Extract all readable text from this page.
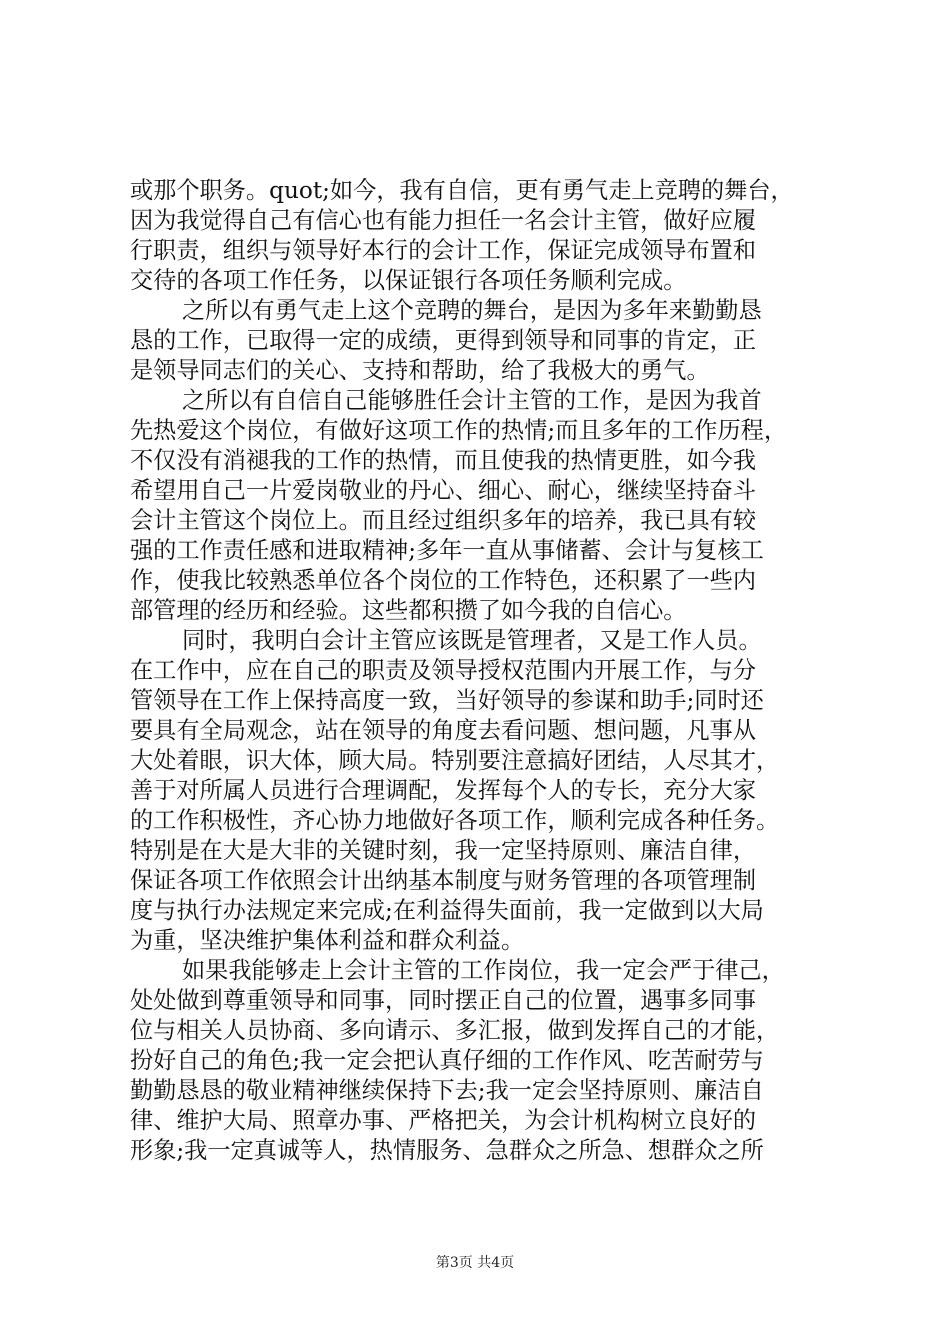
或那个职务。quot;如今，我有自信，更有勇气走上竞聘的舞台，
因为我觉得自己有信心也有能力担任一名会计主管，做好应履
行职责，组织与领导好本行的会计工作，保证完成领导布置和
交待的各项工作任务，以保证银行各项任务顺利完成。
之所以有勇气走上这个竞聘的舞台，是因为多年来勤勤恳
恳的工作，已取得一定的成绩，更得到领导和同事的肯定，正
是领导同志们的关心、支持和帮助，给了我极大的勇气。
之所以有自信自己能够胜任会计主管的工作，是因为我首
先热爱这个岗位，有做好这项工作的热情;而且多年的工作历程，
不仅没有消褪我的工作的热情，而且使我的热情更胜，如今我
希望用自己一片爱岗敬业的丹心、细心、耐心，继续坚持奋斗
会计主管这个岗位上。而且经过组织多年的培养，我已具有较
强的工作责任感和进取精神;多年一直从事储蓄、会计与复核工
作，使我比较熟悉单位各个岗位的工作特色，还积累了一些内
部管理的经历和经验。这些都积攒了如今我的自信心。
同时，我明白会计主管应该既是管理者，又是工作人员。
在工作中，应在自己的职责及领导授权范围内开展工作，与分
管领导在工作上保持高度一致，当好领导的参谋和助手;同时还
要具有全局观念，站在领导的角度去看问题、想问题，凡事从
大处着眼，识大体，顾大局。特别要注意搞好团结，人尽其才，
善于对所属人员进行合理调配，发挥每个人的专长，充分大家
的工作积极性，齐心协力地做好各项工作，顺利完成各种任务。
特别是在大是大非的关键时刻，我一定坚持原则、廉洁自律，
保证各项工作依照会计出纳基本制度与财务管理的各项管理制
度与执行办法规定来完成;在利益得失面前，我一定做到以大局
为重，坚决维护集体利益和群众利益。
如果我能够走上会计主管的工作岗位，我一定会严于律己，
处处做到尊重领导和同事，同时摆正自己的位置，遇事多同事
位与相关人员协商、多向请示、多汇报，做到发挥自己的才能，
扮好自己的角色;我一定会把认真仔细的工作作风、吃苦耐劳与
勤勤恳恳的敬业精神继续保持下去;我一定会坚持原则、廉洁自
律、维护大局、照章办事、严格把关，为会计机构树立良好的
形象;我一定真诚等人，热情服务、急群众之所急、想群众之所
第3页 共4页
